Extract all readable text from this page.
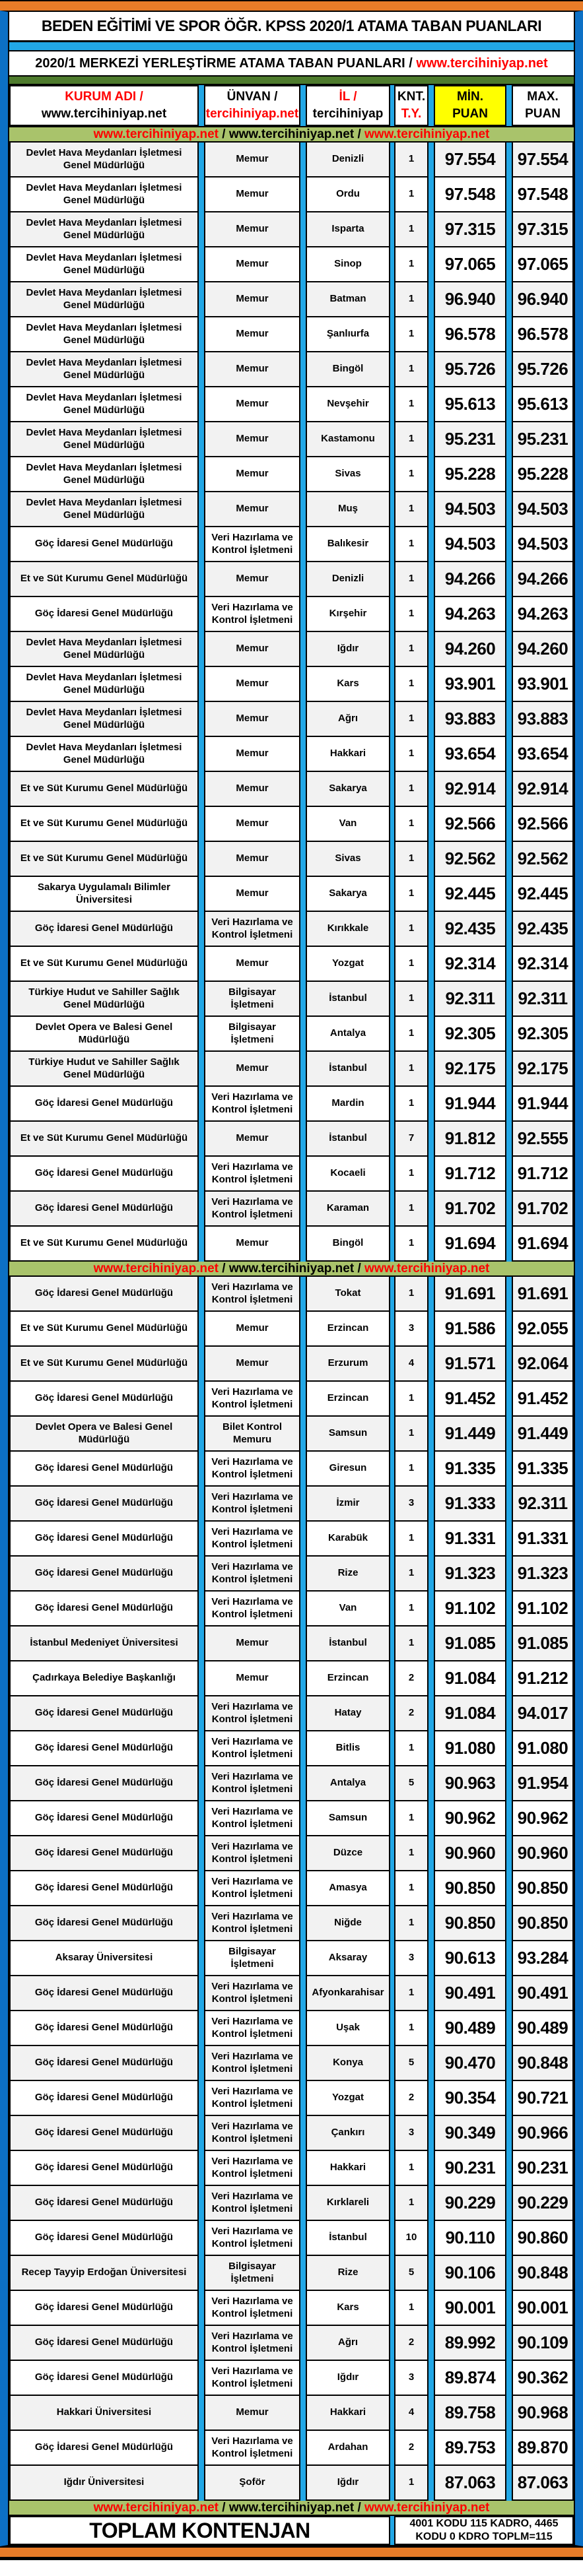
BEDEN EĞİTİMİ VE SPOR ÖĞR. KPSS 2020/1 ATAMA TABAN PUANLARI
2020/1 MERKEZİ YERLEŞTİRME ATAMA TABAN PUANLARI / www.tercihiniyap.net
KURUM ADI /
www.tercihiniyap.net
ÜNVAN /
tercihiniyap.net
İL /
tercihiniyap
KNT.
T.Y.
MİN.
PUAN
MAX.
PUAN
www.tercihiniyap.net / www.tercihiniyap.net / www.tercihiniyap.net
Devlet Hava Meydanları İşletmesi Genel Müdürlüğü
Memur	Denizli	1	97.554	97.554
Devlet Hava Meydanları İşletmesi Genel Müdürlüğü
Memur	Ordu	1	97.548	97.548
Devlet Hava Meydanları İşletmesi Genel Müdürlüğü
Memur	Isparta	1	97.315	97.315
Devlet Hava Meydanları İşletmesi Genel Müdürlüğü
Memur	Sinop	1	97.065	97.065
Devlet Hava Meydanları İşletmesi Genel Müdürlüğü
Memur	Batman	1	96.940	96.940
Devlet Hava Meydanları İşletmesi Genel Müdürlüğü
Memur	Şanlıurfa	1	96.578	96.578
Devlet Hava Meydanları İşletmesi Genel Müdürlüğü
Memur	Bingöl	1	95.726	95.726
Devlet Hava Meydanları İşletmesi Genel Müdürlüğü
Memur	Nevşehir	1	95.613	95.613
Devlet Hava Meydanları İşletmesi Genel Müdürlüğü
Memur	Kastamonu	1	95.231	95.231
Devlet Hava Meydanları İşletmesi Genel Müdürlüğü
Memur	Sivas	1	95.228	95.228
Devlet Hava Meydanları İşletmesi Genel Müdürlüğü
Memur	Muş	1	94.503	94.503
Göç İdaresi Genel Müdürlüğü
Veri Hazırlama ve Kontrol İşletmeni
Balıkesir	1	94.503	94.503
Et ve Süt Kurumu Genel Müdürlüğü	Memur	Denizli	1	94.266	94.266
Göç İdaresi Genel Müdürlüğü
Veri Hazırlama ve Kontrol İşletmeni
Kırşehir	1	94.263	94.263
Devlet Hava Meydanları İşletmesi Genel Müdürlüğü
Memur	Iğdır	1	94.260	94.260
Devlet Hava Meydanları İşletmesi Genel Müdürlüğü
Memur	Kars	1	93.901	93.901
Devlet Hava Meydanları İşletmesi Genel Müdürlüğü
Memur	Ağrı	1	93.883	93.883
Devlet Hava Meydanları İşletmesi Genel Müdürlüğü
Memur	Hakkari	1	93.654	93.654
Et ve Süt Kurumu Genel Müdürlüğü	Memur	Sakarya	1	92.914	92.914
Et ve Süt Kurumu Genel Müdürlüğü	Memur	Van	1	92.566	92.566
Et ve Süt Kurumu Genel Müdürlüğü	Memur	Sivas	1	92.562	92.562
Sakarya Uygulamalı Bilimler Üniversitesi
Memur	Sakarya	1	92.445	92.445
Göç İdaresi Genel Müdürlüğü
Veri Hazırlama ve Kontrol İşletmeni
Kırıkkale	1	92.435	92.435
Et ve Süt Kurumu Genel Müdürlüğü	Memur	Yozgat	1	92.314	92.314
Türkiye Hudut ve Sahiller Sağlık Genel Müdürlüğü
Bilgisayar İşletmeni
İstanbul	1	92.311	92.311
Devlet Opera ve Balesi Genel Müdürlüğü
Bilgisayar İşletmeni
Antalya	1	92.305	92.305
Türkiye Hudut ve Sahiller Sağlık Genel Müdürlüğü
Memur	İstanbul	1	92.175	92.175
Göç İdaresi Genel Müdürlüğü
Veri Hazırlama ve Kontrol İşletmeni
Mardin	1	91.944	91.944
Et ve Süt Kurumu Genel Müdürlüğü	Memur	İstanbul	7	91.812	92.555
Göç İdaresi Genel Müdürlüğü
Veri Hazırlama ve Kontrol İşletmeni
Kocaeli	1	91.712	91.712
Göç İdaresi Genel Müdürlüğü
Veri Hazırlama ve Kontrol İşletmeni
Karaman	1	91.702	91.702
Et ve Süt Kurumu Genel Müdürlüğü	Memur	Bingöl	1	91.694	91.694
www.tercihiniyap.net / www.tercihiniyap.net / www.tercihiniyap.net
Göç İdaresi Genel Müdürlüğü
Veri Hazırlama ve Kontrol İşletmeni
Tokat	1	91.691	91.691
Et ve Süt Kurumu Genel Müdürlüğü	Memur	Erzincan	3	91.586	92.055
Et ve Süt Kurumu Genel Müdürlüğü	Memur	Erzurum	4	91.571	92.064
Göç İdaresi Genel Müdürlüğü
Veri Hazırlama ve Kontrol İşletmeni
Erzincan	1	91.452	91.452
Devlet Opera ve Balesi Genel Müdürlüğü
Bilet Kontrol Memuru
Samsun	1	91.449	91.449
Göç İdaresi Genel Müdürlüğü
Veri Hazırlama ve Kontrol İşletmeni
Giresun	1	91.335	91.335
Göç İdaresi Genel Müdürlüğü
Veri Hazırlama ve Kontrol İşletmeni
İzmir	3	91.333	92.311
Göç İdaresi Genel Müdürlüğü
Veri Hazırlama ve Kontrol İşletmeni
Karabük	1	91.331	91.331
Göç İdaresi Genel Müdürlüğü
Veri Hazırlama ve Kontrol İşletmeni
Rize	1	91.323	91.323
Göç İdaresi Genel Müdürlüğü
Veri Hazırlama ve Kontrol İşletmeni
Van	1	91.102	91.102
İstanbul Medeniyet Üniversitesi	Memur	İstanbul	1	91.085	91.085
Çadırkaya Belediye Başkanlığı	Memur	Erzincan	2	91.084	91.212
Göç İdaresi Genel Müdürlüğü
Veri Hazırlama ve Kontrol İşletmeni
Hatay	2	91.084	94.017
Göç İdaresi Genel Müdürlüğü
Veri Hazırlama ve Kontrol İşletmeni
Bitlis	1	91.080	91.080
Göç İdaresi Genel Müdürlüğü
Veri Hazırlama ve Kontrol İşletmeni
Antalya	5	90.963	91.954
Göç İdaresi Genel Müdürlüğü
Veri Hazırlama ve Kontrol İşletmeni
Samsun	1	90.962	90.962
Göç İdaresi Genel Müdürlüğü
Veri Hazırlama ve Kontrol İşletmeni
Düzce	1	90.960	90.960
Göç İdaresi Genel Müdürlüğü
Veri Hazırlama ve Kontrol İşletmeni
Amasya	1	90.850	90.850
Göç İdaresi Genel Müdürlüğü
Veri Hazırlama ve Kontrol İşletmeni
Niğde	1	90.850	90.850
Aksaray Üniversitesi
Bilgisayar İşletmeni
Aksaray	3	90.613	93.284
Göç İdaresi Genel Müdürlüğü
Veri Hazırlama ve Kontrol İşletmeni
Afyonkarahisar	1	90.491	90.491
Göç İdaresi Genel Müdürlüğü
Veri Hazırlama ve Kontrol İşletmeni
Uşak	1	90.489	90.489
Göç İdaresi Genel Müdürlüğü
Veri Hazırlama ve Kontrol İşletmeni
Konya	5	90.470	90.848
Göç İdaresi Genel Müdürlüğü
Veri Hazırlama ve Kontrol İşletmeni
Yozgat	2	90.354	90.721
Göç İdaresi Genel Müdürlüğü
Veri Hazırlama ve Kontrol İşletmeni
Çankırı	3	90.349	90.966
Göç İdaresi Genel Müdürlüğü
Veri Hazırlama ve Kontrol İşletmeni
Hakkari	1	90.231	90.231
Göç İdaresi Genel Müdürlüğü
Veri Hazırlama ve Kontrol İşletmeni
Kırklareli	1	90.229	90.229
Göç İdaresi Genel Müdürlüğü
Veri Hazırlama ve Kontrol İşletmeni
İstanbul	10	90.110	90.860
Recep Tayyip Erdoğan Üniversitesi
Bilgisayar İşletmeni
Rize	5	90.106	90.848
Göç İdaresi Genel Müdürlüğü
Veri Hazırlama ve Kontrol İşletmeni
Kars	1	90.001	90.001
Göç İdaresi Genel Müdürlüğü
Veri Hazırlama ve Kontrol İşletmeni
Ağrı	2	89.992	90.109
Göç İdaresi Genel Müdürlüğü
Veri Hazırlama ve Kontrol İşletmeni
Iğdır	3	89.874	90.362
Hakkari Üniversitesi	Memur	Hakkari	4	89.758	90.968
Göç İdaresi Genel Müdürlüğü
Veri Hazırlama ve Kontrol İşletmeni
Ardahan	2	89.753	89.870
Iğdır Üniversitesi	Şoför	Iğdır	1	87.063	87.063
www.tercihiniyap.net / www.tercihiniyap.net / www.tercihiniyap.net
TOPLAM KONTENJAN	4001 KODU 115 KADRO, 4465
KODU 0 KDRO TOPLM=115
